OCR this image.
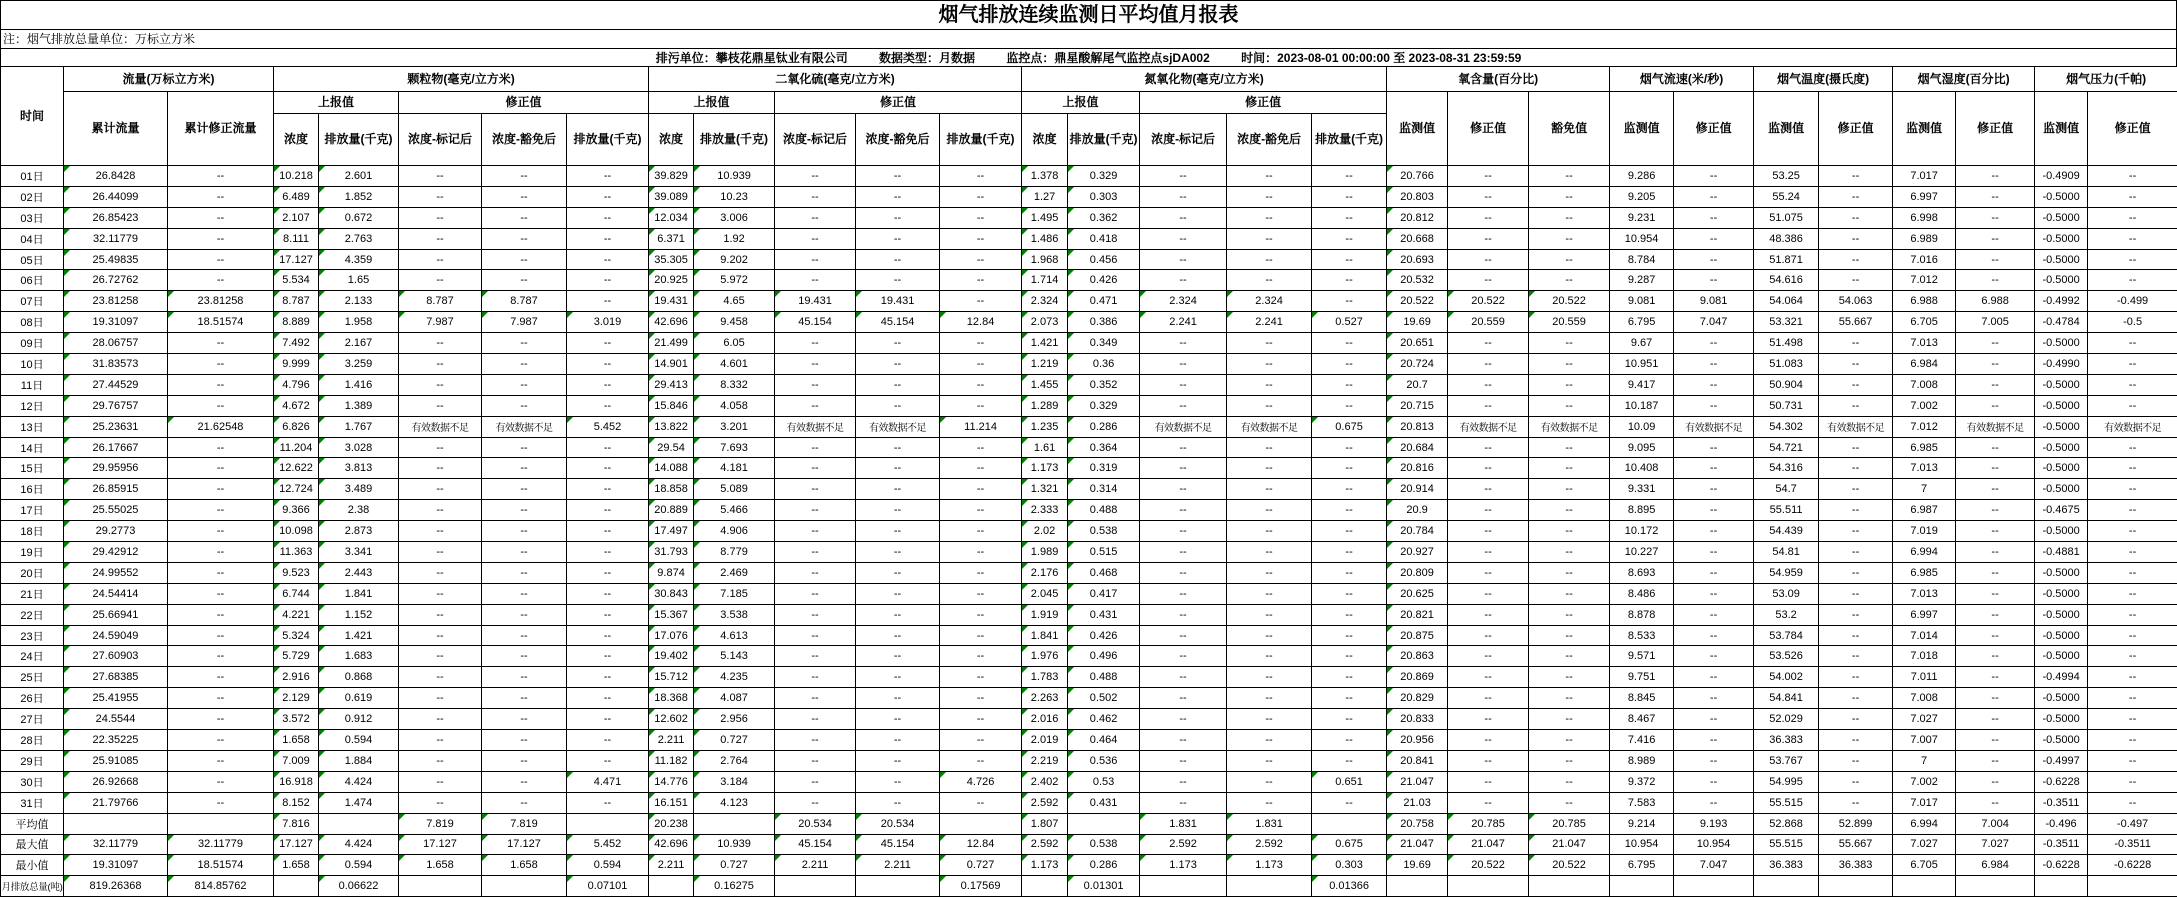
烟气排放连续监测日平均值月报表
注：烟气排放总量单位：万标立方米
排污单位：攀枝花鼎星钛业有限公司	数据类型：月数据	监控点：鼎星酸解尾气监控点sjDA002	时间：2023-08-01 00:00:00 至 2023-08-31 23:59:59
时间	流量(万标立方米)		颗粒物(毫克/立方米)					二氧化硫(毫克/立方米)					氮氧化物(毫克/立方米)					氧含量(百分比)			烟气流速(米/秒)		烟气温度(摄氏度)		烟气湿度(百分比)		烟气压力(千帕)	
	累计流量	累计修正流量	上报值		修正值			上报值		修正值			上报值		修正值			监测值	修正值	豁免值	监测值	修正值	监测值	修正值	监测值	修正值	监测值	修正值
			浓度	排放量(千克)	浓度-标记后	浓度-豁免后	排放量(千克)	浓度	排放量(千克)	浓度-标记后	浓度-豁免后	排放量(千克)	浓度	排放量(千克)	浓度-标记后	浓度-豁免后	排放量(千克)											
01日	26.8428	--	10.218	2.601	--	--	--	39.829	10.939	--	--	--	1.378	0.329	--	--	--	20.766	--	--	9.286	--	53.25	--	7.017	--	-0.4909	--
02日	26.44099	--	6.489	1.852	--	--	--	39.089	10.23	--	--	--	1.27	0.303	--	--	--	20.803	--	--	9.205	--	55.24	--	6.997	--	-0.5000	--
03日	26.85423	--	2.107	0.672	--	--	--	12.034	3.006	--	--	--	1.495	0.362	--	--	--	20.812	--	--	9.231	--	51.075	--	6.998	--	-0.5000	--
04日	32.11779	--	8.111	2.763	--	--	--	6.371	1.92	--	--	--	1.486	0.418	--	--	--	20.668	--	--	10.954	--	48.386	--	6.989	--	-0.5000	--
05日	25.49835	--	17.127	4.359	--	--	--	35.305	9.202	--	--	--	1.968	0.456	--	--	--	20.693	--	--	8.784	--	51.871	--	7.016	--	-0.5000	--
06日	26.72762	--	5.534	1.65	--	--	--	20.925	5.972	--	--	--	1.714	0.426	--	--	--	20.532	--	--	9.287	--	54.616	--	7.012	--	-0.5000	--
07日	23.81258	23.81258	8.787	2.133	8.787	8.787	--	19.431	4.65	19.431	19.431	--	2.324	0.471	2.324	2.324	--	20.522	20.522	20.522	9.081	9.081	54.064	54.063	6.988	6.988	-0.4992	-0.499
08日	19.31097	18.51574	8.889	1.958	7.987	7.987	3.019	42.696	9.458	45.154	45.154	12.84	2.073	0.386	2.241	2.241	0.527	19.69	20.559	20.559	6.795	7.047	53.321	55.667	6.705	7.005	-0.4784	-0.5
09日	28.06757	--	7.492	2.167	--	--	--	21.499	6.05	--	--	--	1.421	0.349	--	--	--	20.651	--	--	9.67	--	51.498	--	7.013	--	-0.5000	--
10日	31.83573	--	9.999	3.259	--	--	--	14.901	4.601	--	--	--	1.219	0.36	--	--	--	20.724	--	--	10.951	--	51.083	--	6.984	--	-0.4990	--
11日	27.44529	--	4.796	1.416	--	--	--	29.413	8.332	--	--	--	1.455	0.352	--	--	--	20.7	--	--	9.417	--	50.904	--	7.008	--	-0.5000	--
12日	29.76757	--	4.672	1.389	--	--	--	15.846	4.058	--	--	--	1.289	0.329	--	--	--	20.715	--	--	10.187	--	50.731	--	7.002	--	-0.5000	--
13日	25.23631	21.62548	6.826	1.767	有效数据不足	有效数据不足	5.452	13.822	3.201	有效数据不足	有效数据不足	11.214	1.235	0.286	有效数据不足	有效数据不足	0.675	20.813	有效数据不足	有效数据不足	10.09	有效数据不足	54.302	有效数据不足	7.012	有效数据不足	-0.5000	有效数据不足
14日	26.17667	--	11.204	3.028	--	--	--	29.54	7.693	--	--	--	1.61	0.364	--	--	--	20.684	--	--	9.095	--	54.721	--	6.985	--	-0.5000	--
15日	29.95956	--	12.622	3.813	--	--	--	14.088	4.181	--	--	--	1.173	0.319	--	--	--	20.816	--	--	10.408	--	54.316	--	7.013	--	-0.5000	--
16日	26.85915	--	12.724	3.489	--	--	--	18.858	5.089	--	--	--	1.321	0.314	--	--	--	20.914	--	--	9.331	--	54.7	--	7	--	-0.5000	--
17日	25.55025	--	9.366	2.38	--	--	--	20.889	5.466	--	--	--	2.333	0.488	--	--	--	20.9	--	--	8.895	--	55.511	--	6.987	--	-0.4675	--
18日	29.2773	--	10.098	2.873	--	--	--	17.497	4.906	--	--	--	2.02	0.538	--	--	--	20.784	--	--	10.172	--	54.439	--	7.019	--	-0.5000	--
19日	29.42912	--	11.363	3.341	--	--	--	31.793	8.779	--	--	--	1.989	0.515	--	--	--	20.927	--	--	10.227	--	54.81	--	6.994	--	-0.4881	--
20日	24.99552	--	9.523	2.443	--	--	--	9.874	2.469	--	--	--	2.176	0.468	--	--	--	20.809	--	--	8.693	--	54.959	--	6.985	--	-0.5000	--
21日	24.54414	--	6.744	1.841	--	--	--	30.843	7.185	--	--	--	2.045	0.417	--	--	--	20.625	--	--	8.486	--	53.09	--	7.013	--	-0.5000	--
22日	25.66941	--	4.221	1.152	--	--	--	15.367	3.538	--	--	--	1.919	0.431	--	--	--	20.821	--	--	8.878	--	53.2	--	6.997	--	-0.5000	--
23日	24.59049	--	5.324	1.421	--	--	--	17.076	4.613	--	--	--	1.841	0.426	--	--	--	20.875	--	--	8.533	--	53.784	--	7.014	--	-0.5000	--
24日	27.60903	--	5.729	1.683	--	--	--	19.402	5.143	--	--	--	1.976	0.496	--	--	--	20.863	--	--	9.571	--	53.526	--	7.018	--	-0.5000	--
25日	27.68385	--	2.916	0.868	--	--	--	15.712	4.235	--	--	--	1.783	0.488	--	--	--	20.869	--	--	9.751	--	54.002	--	7.011	--	-0.4994	--
26日	25.41955	--	2.129	0.619	--	--	--	18.368	4.087	--	--	--	2.263	0.502	--	--	--	20.829	--	--	8.845	--	54.841	--	7.008	--	-0.5000	--
27日	24.5544	--	3.572	0.912	--	--	--	12.602	2.956	--	--	--	2.016	0.462	--	--	--	20.833	--	--	8.467	--	52.029	--	7.027	--	-0.5000	--
28日	22.35225	--	1.658	0.594	--	--	--	2.211	0.727	--	--	--	2.019	0.464	--	--	--	20.956	--	--	7.416	--	36.383	--	7.007	--	-0.5000	--
29日	25.91085	--	7.009	1.884	--	--	--	11.182	2.764	--	--	--	2.219	0.536	--	--	--	20.841	--	--	8.989	--	53.767	--	7	--	-0.4997	--
30日	26.92668	--	16.918	4.424	--	--	4.471	14.776	3.184	--	--	4.726	2.402	0.53	--	--	0.651	21.047	--	--	9.372	--	54.995	--	7.002	--	-0.6228	--
31日	21.79766	--	8.152	1.474	--	--	--	16.151	4.123	--	--	--	2.592	0.431	--	--	--	21.03	--	--	7.583	--	55.515	--	7.017	--	-0.3511	--
平均值			7.816		7.819	7.819		20.238		20.534	20.534		1.807		1.831	1.831		20.758	20.785	20.785	9.214	9.193	52.868	52.899	6.994	7.004	-0.496	-0.497
最大值	32.11779	32.11779	17.127	4.424	17.127	17.127	5.452	42.696	10.939	45.154	45.154	12.84	2.592	0.538	2.592	2.592	0.675	21.047	21.047	21.047	10.954	10.954	55.515	55.667	7.027	7.027	-0.3511	-0.3511
最小值	19.31097	18.51574	1.658	0.594	1.658	1.658	0.594	2.211	0.727	2.211	2.211	0.727	1.173	0.286	1.173	1.173	0.303	19.69	20.522	20.522	6.795	7.047	36.383	36.383	6.705	6.984	-0.6228	-0.6228
月排放总量(吨)	819.26368	814.85762		0.06622			0.07101		0.16275			0.17569		0.01301			0.01366
